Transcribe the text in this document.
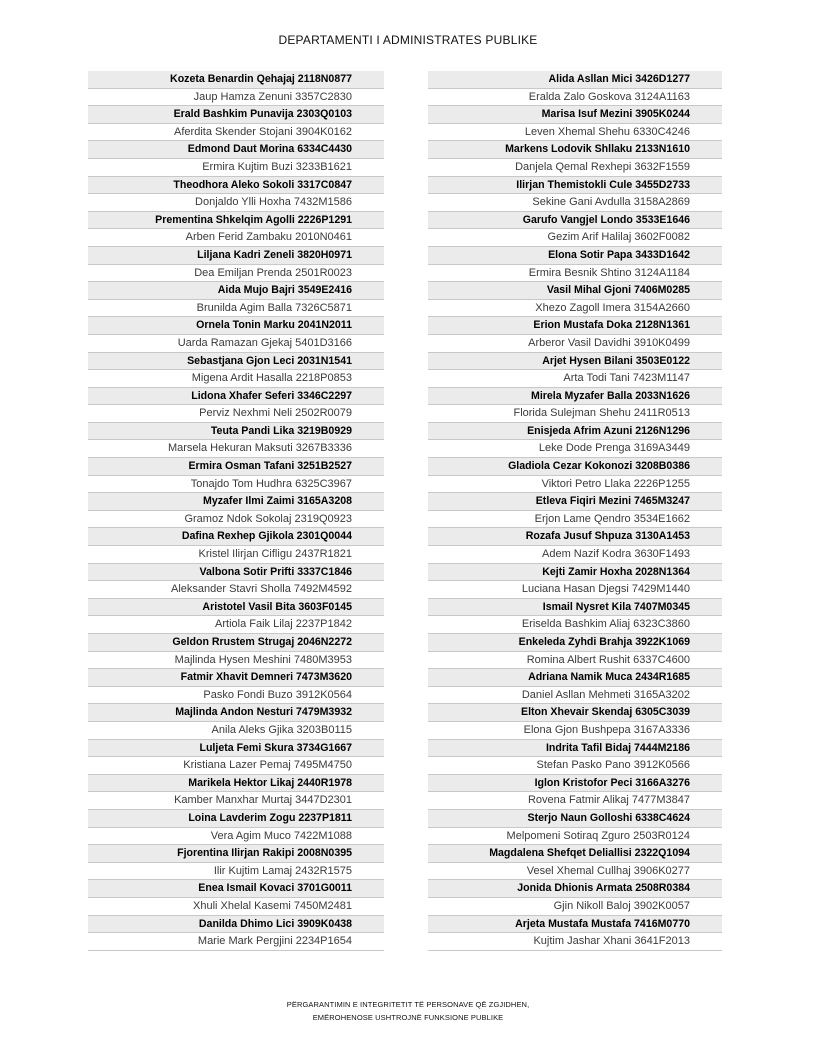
DEPARTAMENTI I ADMINISTRATES PUBLIKE
Kozeta Benardin Qehajaj 2118N0877
Jaup Hamza Zenuni 3357C2830
Erald Bashkim Punavija 2303Q0103
Aferdita Skender Stojani 3904K0162
Edmond Daut Morina 6334C4430
Ermira Kujtim Buzi 3233B1621
Theodhora Aleko Sokoli 3317C0847
Donjaldo Ylli Hoxha 7432M1586
Prementina Shkelqim Agolli 2226P1291
Arben Ferid Zambaku 2010N0461
Liljana Kadri Zeneli 3820H0971
Dea Emiljan Prenda 2501R0023
Aida Mujo Bajri 3549E2416
Brunilda Agim Balla 7326C5871
Ornela Tonin Marku 2041N2011
Uarda Ramazan Gjekaj 5401D3166
Sebastjana Gjon Leci 2031N1541
Migena Ardit Hasalla 2218P0853
Lidona Xhafer Seferi 3346C2297
Perviz Nexhmi Neli 2502R0079
Teuta Pandi Lika 3219B0929
Marsela Hekuran Maksuti 3267B3336
Ermira Osman Tafani 3251B2527
Tonajdo Tom Hudhra 6325C3967
Myzafer Ilmi Zaimi 3165A3208
Gramoz Ndok Sokolaj 2319Q0923
Dafina Rexhep Gjikola 2301Q0044
Kristel Ilirjan Cifligu 2437R1821
Valbona Sotir Prifti 3337C1846
Aleksander Stavri Sholla 7492M4592
Aristotel Vasil Bita 3603F0145
Artiola Faik Lilaj 2237P1842
Geldon Rrustem Strugaj 2046N2272
Majlinda Hysen Meshini 7480M3953
Fatmir Xhavit Demneri 7473M3620
Pasko Fondi Buzo 3912K0564
Majlinda Andon Nesturi 7479M3932
Anila Aleks Gjika 3203B0115
Luljeta Femi Skura 3734G1667
Kristiana Lazer Pemaj 7495M4750
Marikela Hektor Likaj 2440R1978
Kamber Manxhar Murtaj 3447D2301
Loina Lavderim Zogu 2237P1811
Vera Agim Muco 7422M1088
Fjorentina Ilirjan Rakipi 2008N0395
Ilir Kujtim Lamaj 2432R1575
Enea Ismail Kovaci 3701G0011
Xhuli Xhelal Kasemi 7450M2481
Danilda Dhimo Lici 3909K0438
Marie Mark Pergjini 2234P1654
Alida Asllan Mici 3426D1277
Eralda Zalo Goskova 3124A1163
Marisa Isuf Mezini 3905K0244
Leven Xhemal Shehu 6330C4246
Markens Lodovik Shllaku 2133N1610
Danjela Qemal Rexhepi 3632F1559
Ilirjan Themistokli Cule 3455D2733
Sekine Gani Avdulla 3158A2869
Garufo Vangjel Londo 3533E1646
Gezim Arif Halilaj 3602F0082
Elona Sotir Papa 3433D1642
Ermira Besnik Shtino 3124A1184
Vasil Mihal Gjoni 7406M0285
Xhezo Zagoll Imera 3154A2660
Erion Mustafa Doka 2128N1361
Arberor Vasil Davidhi 3910K0499
Arjet Hysen Bilani 3503E0122
Arta Todi Tani 7423M1147
Mirela Myzafer Balla 2033N1626
Florida Sulejman Shehu 2411R0513
Enisjeda Afrim Azuni 2126N1296
Leke Dode Prenga 3169A3449
Gladiola Cezar Kokonozi 3208B0386
Viktori Petro Llaka 2226P1255
Etleva Fiqiri Mezini 7465M3247
Erjon Lame Qendro 3534E1662
Rozafa Jusuf Shpuza 3130A1453
Adem Nazif Kodra 3630F1493
Kejti Zamir Hoxha 2028N1364
Luciana Hasan Djegsi 7429M1440
Ismail Nysret Kila 7407M0345
Eriselda Bashkim Aliaj 6323C3860
Enkeleda Zyhdi Brahja 3922K1069
Romina Albert Rushit 6337C4600
Adriana Namik Muca 2434R1685
Daniel Asllan Mehmeti 3165A3202
Elton Xhevair Skendaj 6305C3039
Elona Gjon Bushpepa 3167A3336
Indrita Tafil Bidaj 7444M2186
Stefan Pasko Pano 3912K0566
Iglon Kristofor Peci 3166A3276
Rovena Fatmir Alikaj 7477M3847
Sterjo Naun Golloshi 6338C4624
Melpomeni Sotiraq Zguro 2503R0124
Magdalena Shefqet Deliallisi 2322Q1094
Vesel Xhemal Cullhaj 3906K0277
Jonida Dhionis Armata 2508R0384
Gjin Nikoll Baloj 3902K0057
Arjeta Mustafa Mustafa 7416M0770
Kujtim Jashar Xhani 3641F2013
PËRGARANTIMIN E INTEGRITETIT TË PERSONAVE QË ZGJIDHEN,
EMËROHENOSE USHTROJNË FUNKSIONE PUBLIKE
